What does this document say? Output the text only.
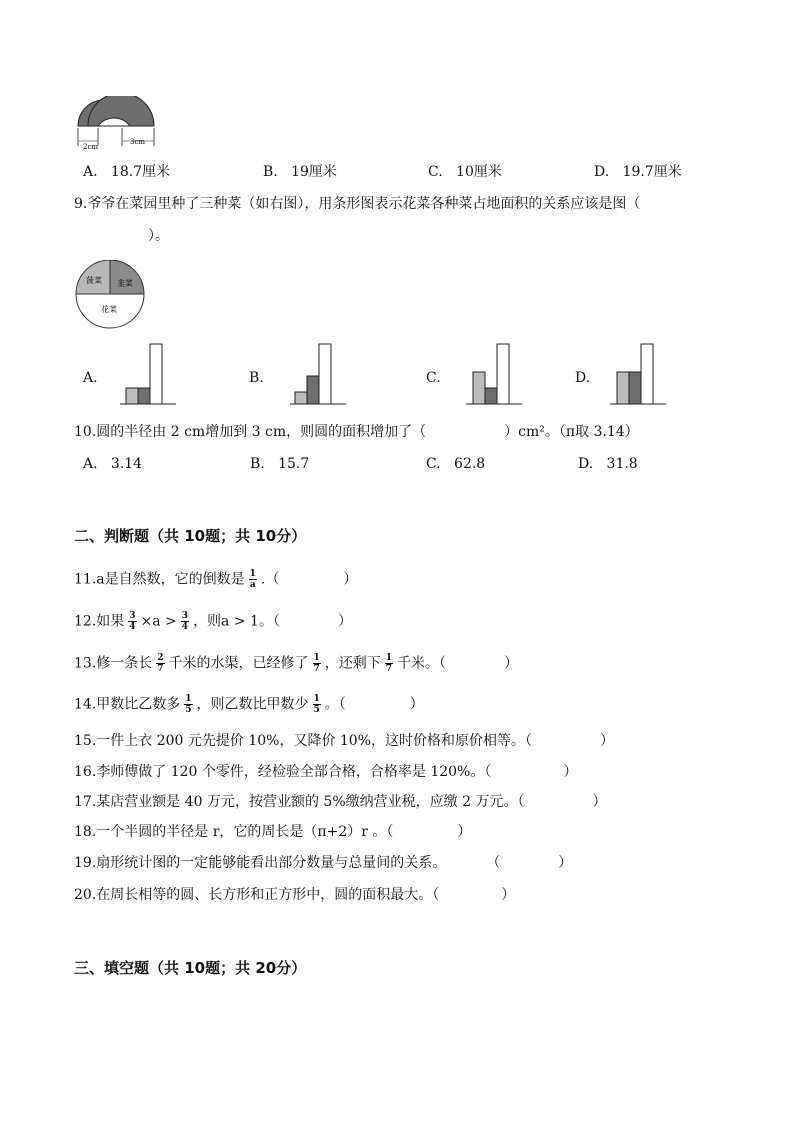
2cm
3cm
A. 18.7厘米	B. 19厘米	C. 10厘米	D. 19.7厘米
9.爷爷在菜园里种了三种菜（如右图），用条形图表示花菜各种菜占地面积的关系应该是图（
）。
菠菜 韭菜
花菜
A.	B.	C.	D.
10.圆的半径由 2 cm增加到 3 cm，则圆的面积增加了（	）cm²。（π取 3.14）
A. 3.14	B. 15.7	C. 62.8	D. 31.8
二、判断题（共 10题；共 10分）
11.a是自然数，它的倒数是 $\frac{1}{a}$ .（	）
12.如果 $\frac{3}{4} \times a > \frac{3}{4}$ ，则a > 1。（	）
13.修一条长 $\frac{2}{7}$ 千米的水渠，已经修了 $\frac{1}{7}$ ，还剩下 $\frac{1}{7}$ 千米。（	）
14.甲数比乙数多 $\frac{1}{5}$ ，则乙数比甲数少 $\frac{1}{5}$ 。（	）
15.一件上衣 200 元先提价 10%，又降价 10%，这时价格和原价相等。（	）
16.李师傅做了 120 个零件，经检验全部合格，合格率是 120%。（	）
17.某店营业额是 40 万元，按营业额的 5%缴纳营业税，应缴 2 万元。（	）
18.一个半圆的半径是 r，它的周长是（π+2）r 。（	）
19.扇形统计图的一定能够能看出部分数量与总量间的关系。	（	）
20.在周长相等的圆、长方形和正方形中，圆的面积最大。（	）
三、填空题（共 10题；共 20分）
